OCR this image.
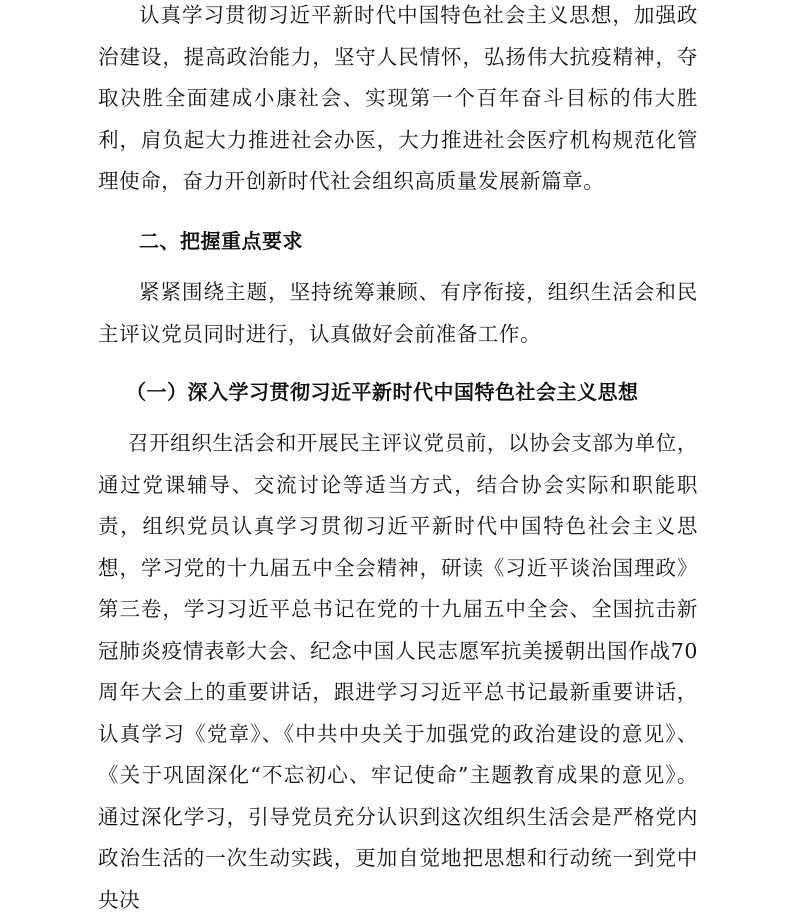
认真学习贯彻习近平新时代中国特色社会主义思想，加强政治建设，提高政治能力，坚守人民情怀，弘扬伟大抗疫精神，夺取决胜全面建成小康社会、实现第一个百年奋斗目标的伟大胜利，肩负起大力推进社会办医，大力推进社会医疗机构规范化管理使命，奋力开创新时代社会组织高质量发展新篇章。

二、把握重点要求

紧紧围绕主题，坚持统筹兼顾、有序衔接，组织生活会和民主评议党员同时进行，认真做好会前准备工作。

（一）深入学习贯彻习近平新时代中国特色社会主义思想

召开组织生活会和开展民主评议党员前，以协会支部为单位，通过党课辅导、交流讨论等适当方式，结合协会实际和职能职责，组织党员认真学习贯彻习近平新时代中国特色社会主义思想，学习党的十九届五中全会精神，研读《习近平谈治国理政》第三卷，学习习近平总书记在党的十九届五中全会、全国抗击新冠肺炎疫情表彰大会、纪念中国人民志愿军抗美援朝出国作战70周年大会上的重要讲话，跟进学习习近平总书记最新重要讲话，认真学习《党章》、《中共中央关于加强党的政治建设的意见》、《关于巩固深化“不忘初心、牢记使命”主题教育成果的意见》。通过深化学习，引导党员充分认识到这次组织生活会是严格党内政治生活的一次生动实践，更加自觉地把思想和行动统一到党中央决
